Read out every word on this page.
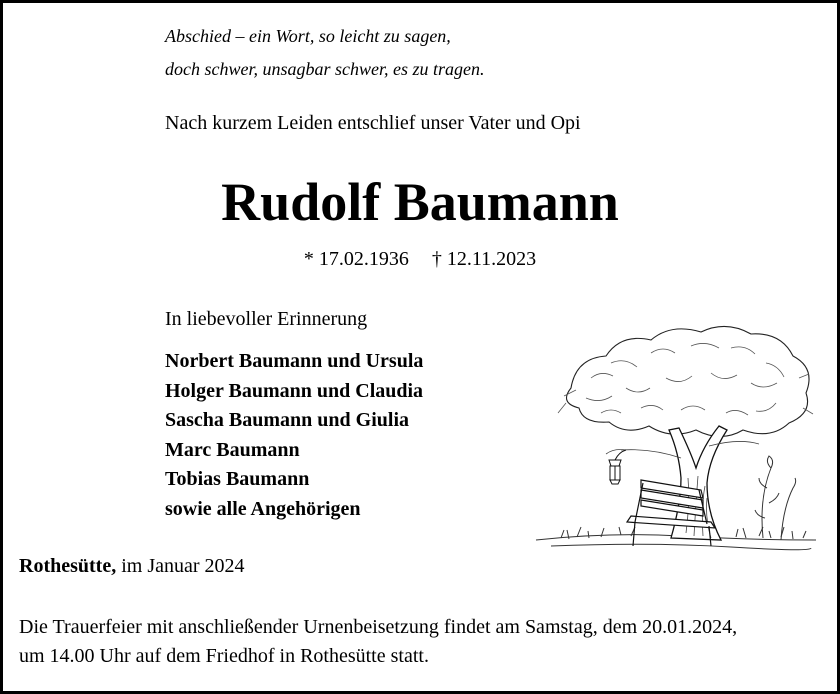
Abschied – ein Wort, so leicht zu sagen,
doch schwer, unsagbar schwer, es zu tragen.
Nach kurzem Leiden entschlief unser Vater und Opi
Rudolf Baumann
* 17.02.1936 † 12.11.2023
In liebevoller Erinnerung
Norbert Baumann und Ursula
Holger Baumann und Claudia
Sascha Baumann und Giulia
Marc Baumann
Tobias Baumann
sowie alle Angehörigen
Rothesütte, im Januar 2024
Die Trauerfeier mit anschließender Urnenbeisetzung findet am Samstag, dem 20.01.2024,
um 14.00 Uhr auf dem Friedhof in Rothesütte statt.
